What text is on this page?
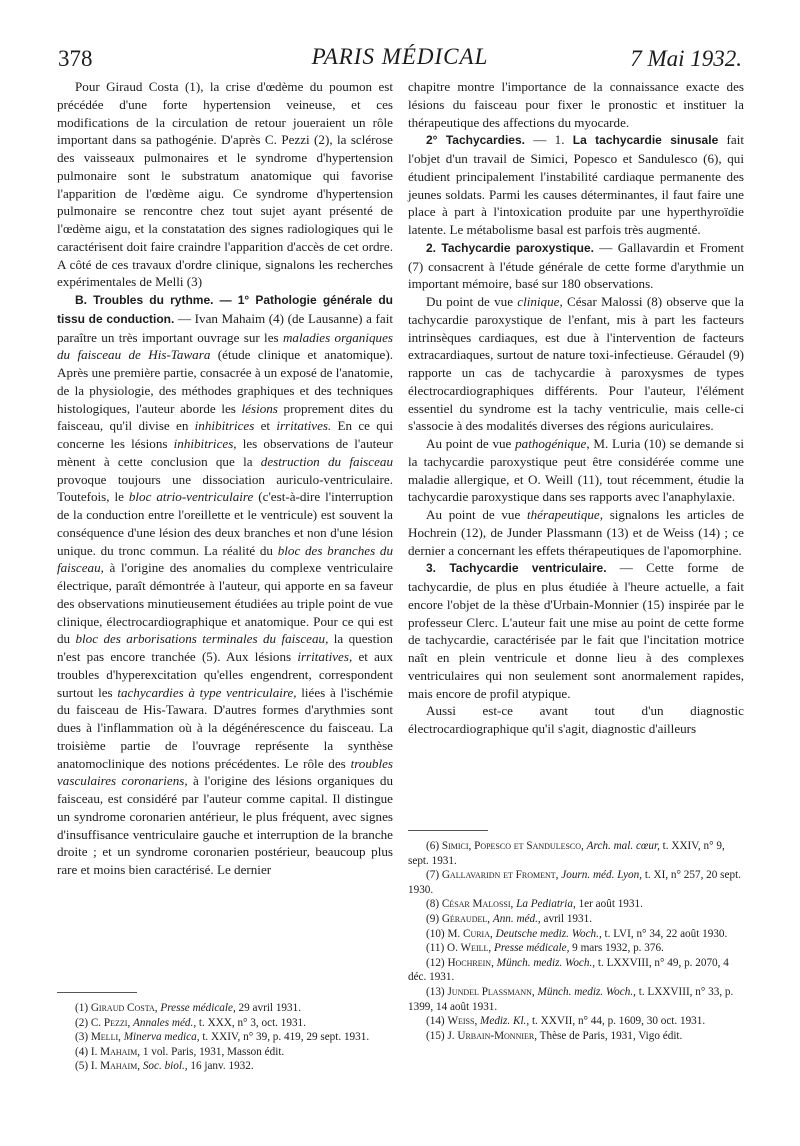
378	PARIS MÉDICAL	7 Mai 1932.

Pour Giraud Costa (1), la crise d'œdème du poumon est précédée d'une forte hypertension veineuse, et ces modifications de la circulation de retour joueraient un rôle important dans sa pathogénie. D'après C. Pezzi (2), la sclérose des vaisseaux pulmonaires et le syndrome d'hypertension pulmonaire sont le substratum anatomique qui favorise l'apparition de l'œdème aigu. Ce syndrome d'hypertension pulmonaire se rencontre chez tout sujet ayant présenté de l'œdème aigu, et la constatation des signes radiologiques qui le caractérisent doit faire craindre l'apparition d'accès de cet ordre. A côté de ces travaux d'ordre clinique, signalons les recherches expérimentales de Melli (3)

B. Troubles du rythme. — 1° Pathologie générale du tissu de conduction. — Ivan Mahaim (4) (de Lausanne) a fait paraître un très important ouvrage sur les maladies organiques du faisceau de His-Tawara (étude clinique et anatomique). Après une première partie, consacrée à un exposé de l'anatomie, de la physiologie, des méthodes graphiques et des techniques histologiques, l'auteur aborde les lésions proprement dites du faisceau, qu'il divise en inhibitrices et irritatives. En ce qui concerne les lésions inhibitrices, les observations de l'auteur mènent à cette conclusion que la destruction du faisceau provoque toujours une dissociation auriculo-ventriculaire. Toutefois, le bloc atrio-ventriculaire (c'est-à-dire l'interruption de la conduction entre l'oreillette et le ventricule) est souvent la conséquence d'une lésion des deux branches et non d'une lésion unique. du tronc commun. La réalité du bloc des branches du faisceau, à l'origine des anomalies du complexe ventriculaire électrique, paraît démontrée à l'auteur, qui apporte en sa faveur des observations minutieusement étudiées au triple point de vue clinique, électrocardiographique et anatomique. Pour ce qui est du bloc des arborisations terminales du faisceau, la question n'est pas encore tranchée (5). Aux lésions irritatives, et aux troubles d'hyperexcitation qu'elles engendrent, correspondent surtout les tachycardies à type ventriculaire, liées à l'ischémie du faisceau de His-Tawara. D'autres formes d'arythmies sont dues à l'inflammation où à la dégénérescence du faisceau. La troisième partie de l'ouvrage représente la synthèse anatomoclinique des notions précédentes. Le rôle des troubles vasculaires coronariens, à l'origine des lésions organiques du faisceau, est considéré par l'auteur comme capital. Il distingue un syndrome coronarien antérieur, le plus fréquent, avec signes d'insuffisance ventriculaire gauche et interruption de la branche droite ; et un syndrome coronarien postérieur, beaucoup plus rare et moins bien caractérisé. Le dernier

chapitre montre l'importance de la connaissance exacte des lésions du faisceau pour fixer le pronostic et instituer la thérapeutique des affections du myocarde.

2° Tachycardies. — 1. La tachycardie sinusale fait l'objet d'un travail de Simici, Popesco et Sandulesco (6), qui étudient principalement l'instabilité cardiaque permanente des jeunes soldats. Parmi les causes déterminantes, il faut faire une place à part à l'intoxication produite par une hyperthyroïdie latente. Le métabolisme basal est parfois très augmenté.

2. Tachycardie paroxystique. — Gallavardin et Froment (7) consacrent à l'étude générale de cette forme d'arythmie un important mémoire, basé sur 180 observations.

Du point de vue clinique, César Malossi (8) observe que la tachycardie paroxystique de l'enfant, mis à part les facteurs intrinsèques cardiaques, est due à l'intervention de facteurs extracardiaques, surtout de nature toxi-infectieuse. Géraudel (9) rapporte un cas de tachycardie à paroxysmes de types électrocardiographiques différents. Pour l'auteur, l'élément essentiel du syndrome est la tachy ventriculie, mais celle-ci s'associe à des modalités diverses des régions auriculaires.

Au point de vue pathogénique, M. Luria (10) se demande si la tachycardie paroxystique peut être considérée comme une maladie allergique, et O. Weill (11), tout récemment, étudie la tachycardie paroxystique dans ses rapports avec l'anaphylaxie.

Au point de vue thérapeutique, signalons les articles de Hochrein (12), de Junder Plassmann (13) et de Weiss (14) ; ce dernier a concernant les effets thérapeutiques de l'apomorphine.

3. Tachycardie ventriculaire. — Cette forme de tachycardie, de plus en plus étudiée à l'heure actuelle, a fait encore l'objet de la thèse d'Urbain-Monnier (15) inspirée par le professeur Clerc. L'auteur fait une mise au point de cette forme de tachycardie, caractérisée par le fait que l'incitation motrice naît en plein ventricule et donne lieu à des complexes ventriculaires qui non seulement sont anormalement rapides, mais encore de profil atypique.

Aussi est-ce avant tout d'un diagnostic électrocardiographique qu'il s'agit, diagnostic d'ailleurs

(1) Giraud Costa, Presse médicale, 29 avril 1931.
(2) C. Pezzi, Annales méd., t. XXX, n° 3, oct. 1931.
(3) Melli, Minerva medica, t. XXIV, n° 39, p. 419, 29 sept. 1931.
(4) I. Mahaim, 1 vol. Paris, 1931, Masson édit.
(5) I. Mahaim, Soc. biol., 16 janv. 1932.
(6) Simici, Popesco et Sandulesco, Arch. mal. cœur, t. XXIV, n° 9, sept. 1931.
(7) Gallavaridn et Froment, Journ. méd. Lyon, t. XI, n° 257, 20 sept. 1930.
(8) César Malossi, La Pediatria, 1er août 1931.
(9) Géraudel, Ann. méd., avril 1931.
(10) M. Curia, Deutsche mediz. Woch., t. LVI, n° 34, 22 août 1930.
(11) O. Weill, Presse médicale, 9 mars 1932, p. 376.
(12) Hochrein, Münch. mediz. Woch., t. LXXVIII, n° 49, p. 2070, 4 déc. 1931.
(13) Jundel Plassmann, Münch. mediz. Woch., t. LXXVIII, n° 33, p. 1399, 14 août 1931.
(14) Weiss, Mediz. Kl., t. XXVII, n° 44, p. 1609, 30 oct. 1931.
(15) J. Urbain-Monnier, Thèse de Paris, 1931, Vigo édit.
